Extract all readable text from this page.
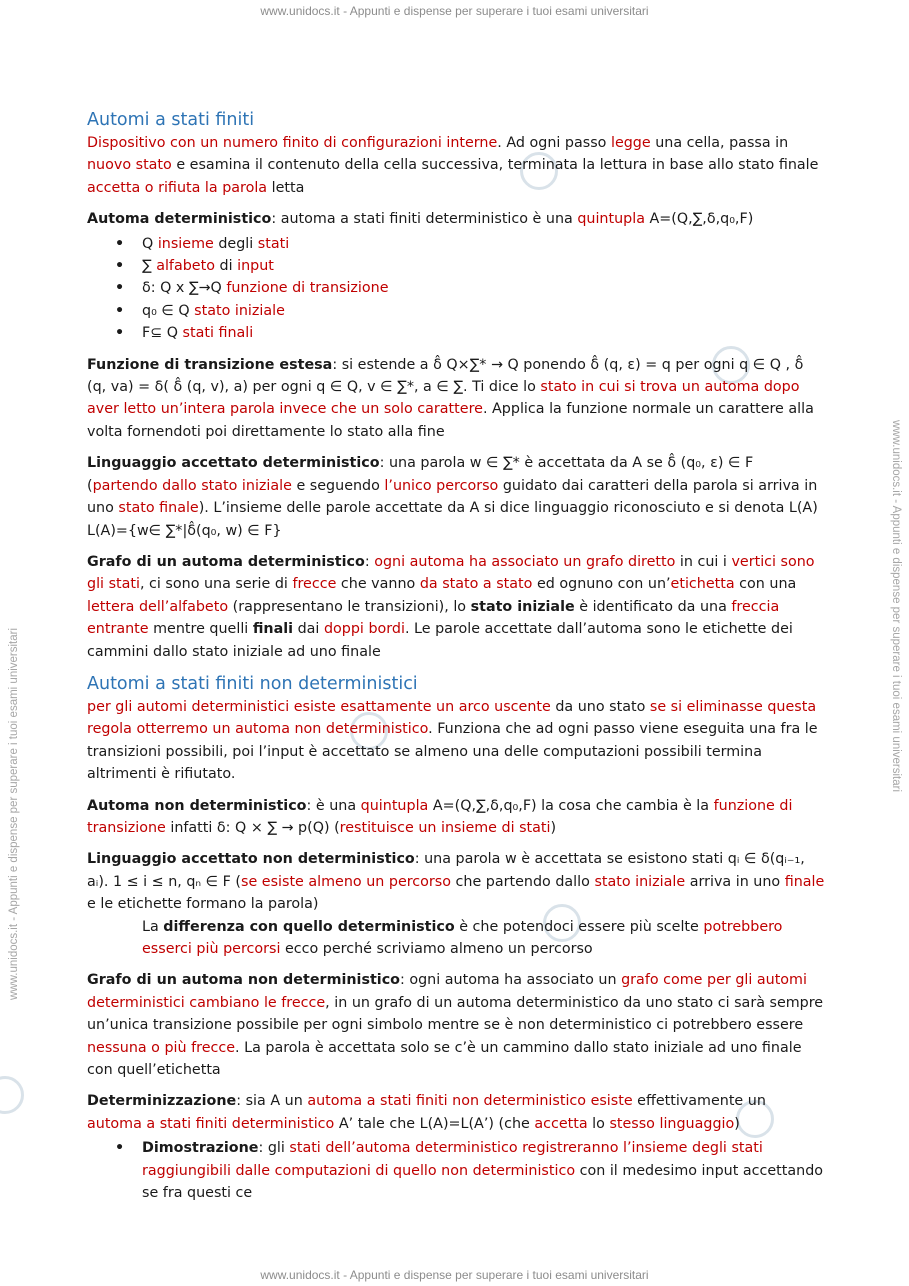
www.unidocs.it - Appunti e dispense per superare i tuoi esami universitari
www.unidocs.it - Appunti e dispense per superare i tuoi esami universitari
www.unidocs.it - Appunti e dispense per superare i tuoi esami universitari
www.unidocs.it - Appunti e dispense per superare i tuoi esami universitari
Automi a stati finiti

Dispositivo con un numero finito di configurazioni interne. Ad ogni passo legge una cella, passa in nuovo stato e esamina il contenuto della cella successiva, terminata la lettura in base allo stato finale accetta o rifiuta la parola letta

Automa deterministico: automa a stati finiti deterministico è una quintupla A=(Q,∑,δ,q₀,F)

• Q insieme degli stati
• ∑ alfabeto di input
• δ: Q x ∑→Q funzione di transizione
• q₀ ∈ Q stato iniziale
• F⊆ Q stati finali

Funzione di transizione estesa: si estende a δ̂ Q×∑* → Q ponendo δ̂ (q, ε) = q per ogni q ∈ Q , δ̂ (q, va) = δ( δ̂ (q, v), a) per ogni q ∈ Q, v ∈ ∑*, a ∈ ∑. Ti dice lo stato in cui si trova un automa dopo aver letto un’intera parola invece che un solo carattere. Applica la funzione normale un carattere alla volta fornendoti poi direttamente lo stato alla fine

Linguaggio accettato deterministico: una parola w ∈ ∑* è accettata da A se δ̂ (q₀, ε) ∈ F (partendo dallo stato iniziale e seguendo l’unico percorso guidato dai caratteri della parola si arriva in uno stato finale). L’insieme delle parole accettate da A si dice linguaggio riconosciuto e si denota L(A) L(A)={w∈ ∑*|δ̂(q₀, w) ∈ F}

Grafo di un automa deterministico: ogni automa ha associato un grafo diretto in cui i vertici sono gli stati, ci sono una serie di frecce che vanno da stato a stato ed ognuno con un’etichetta con una lettera dell’alfabeto (rappresentano le transizioni), lo stato iniziale è identificato da una freccia entrante mentre quelli finali dai doppi bordi. Le parole accettate dall’automa sono le etichette dei cammini dallo stato iniziale ad uno finale

Automi a stati finiti non deterministici

per gli automi deterministici esiste esattamente un arco uscente da uno stato se si eliminasse questa regola otterremo un automa non deterministico. Funziona che ad ogni passo viene eseguita una fra le transizioni possibili, poi l’input è accettato se almeno una delle computazioni possibili termina altrimenti è rifiutato.

Automa non deterministico: è una quintupla A=(Q,∑,δ,q₀,F) la cosa che cambia è la funzione di transizione infatti δ: Q × ∑ → p(Q) (restituisce un insieme di stati)

Linguaggio accettato non deterministico: una parola w è accettata se esistono stati qᵢ ∈ δ(qᵢ₋₁, aᵢ). 1 ≤ i ≤ n, qₙ ∈ F (se esiste almeno un percorso che partendo dallo stato iniziale arriva in uno finale e le etichette formano la parola)

La differenza con quello deterministico è che potendoci essere più scelte potrebbero esserci più percorsi ecco perché scriviamo almeno un percorso

Grafo di un automa non deterministico: ogni automa ha associato un grafo come per gli automi deterministici cambiano le frecce, in un grafo di un automa deterministico da uno stato ci sarà sempre un’unica transizione possibile per ogni simbolo mentre se è non deterministico ci potrebbero essere nessuna o più frecce. La parola è accettata solo se c’è un cammino dallo stato iniziale ad uno finale con quell’etichetta

Determinizzazione: sia A un automa a stati finiti non deterministico esiste effettivamente un automa a stati finiti deterministico A’ tale che L(A)=L(A’) (che accetta lo stesso linguaggio)

• Dimostrazione: gli stati dell’automa deterministico registreranno l’insieme degli stati raggiungibili dalle computazioni di quello non deterministico con il medesimo input accettando se fra questi ce
